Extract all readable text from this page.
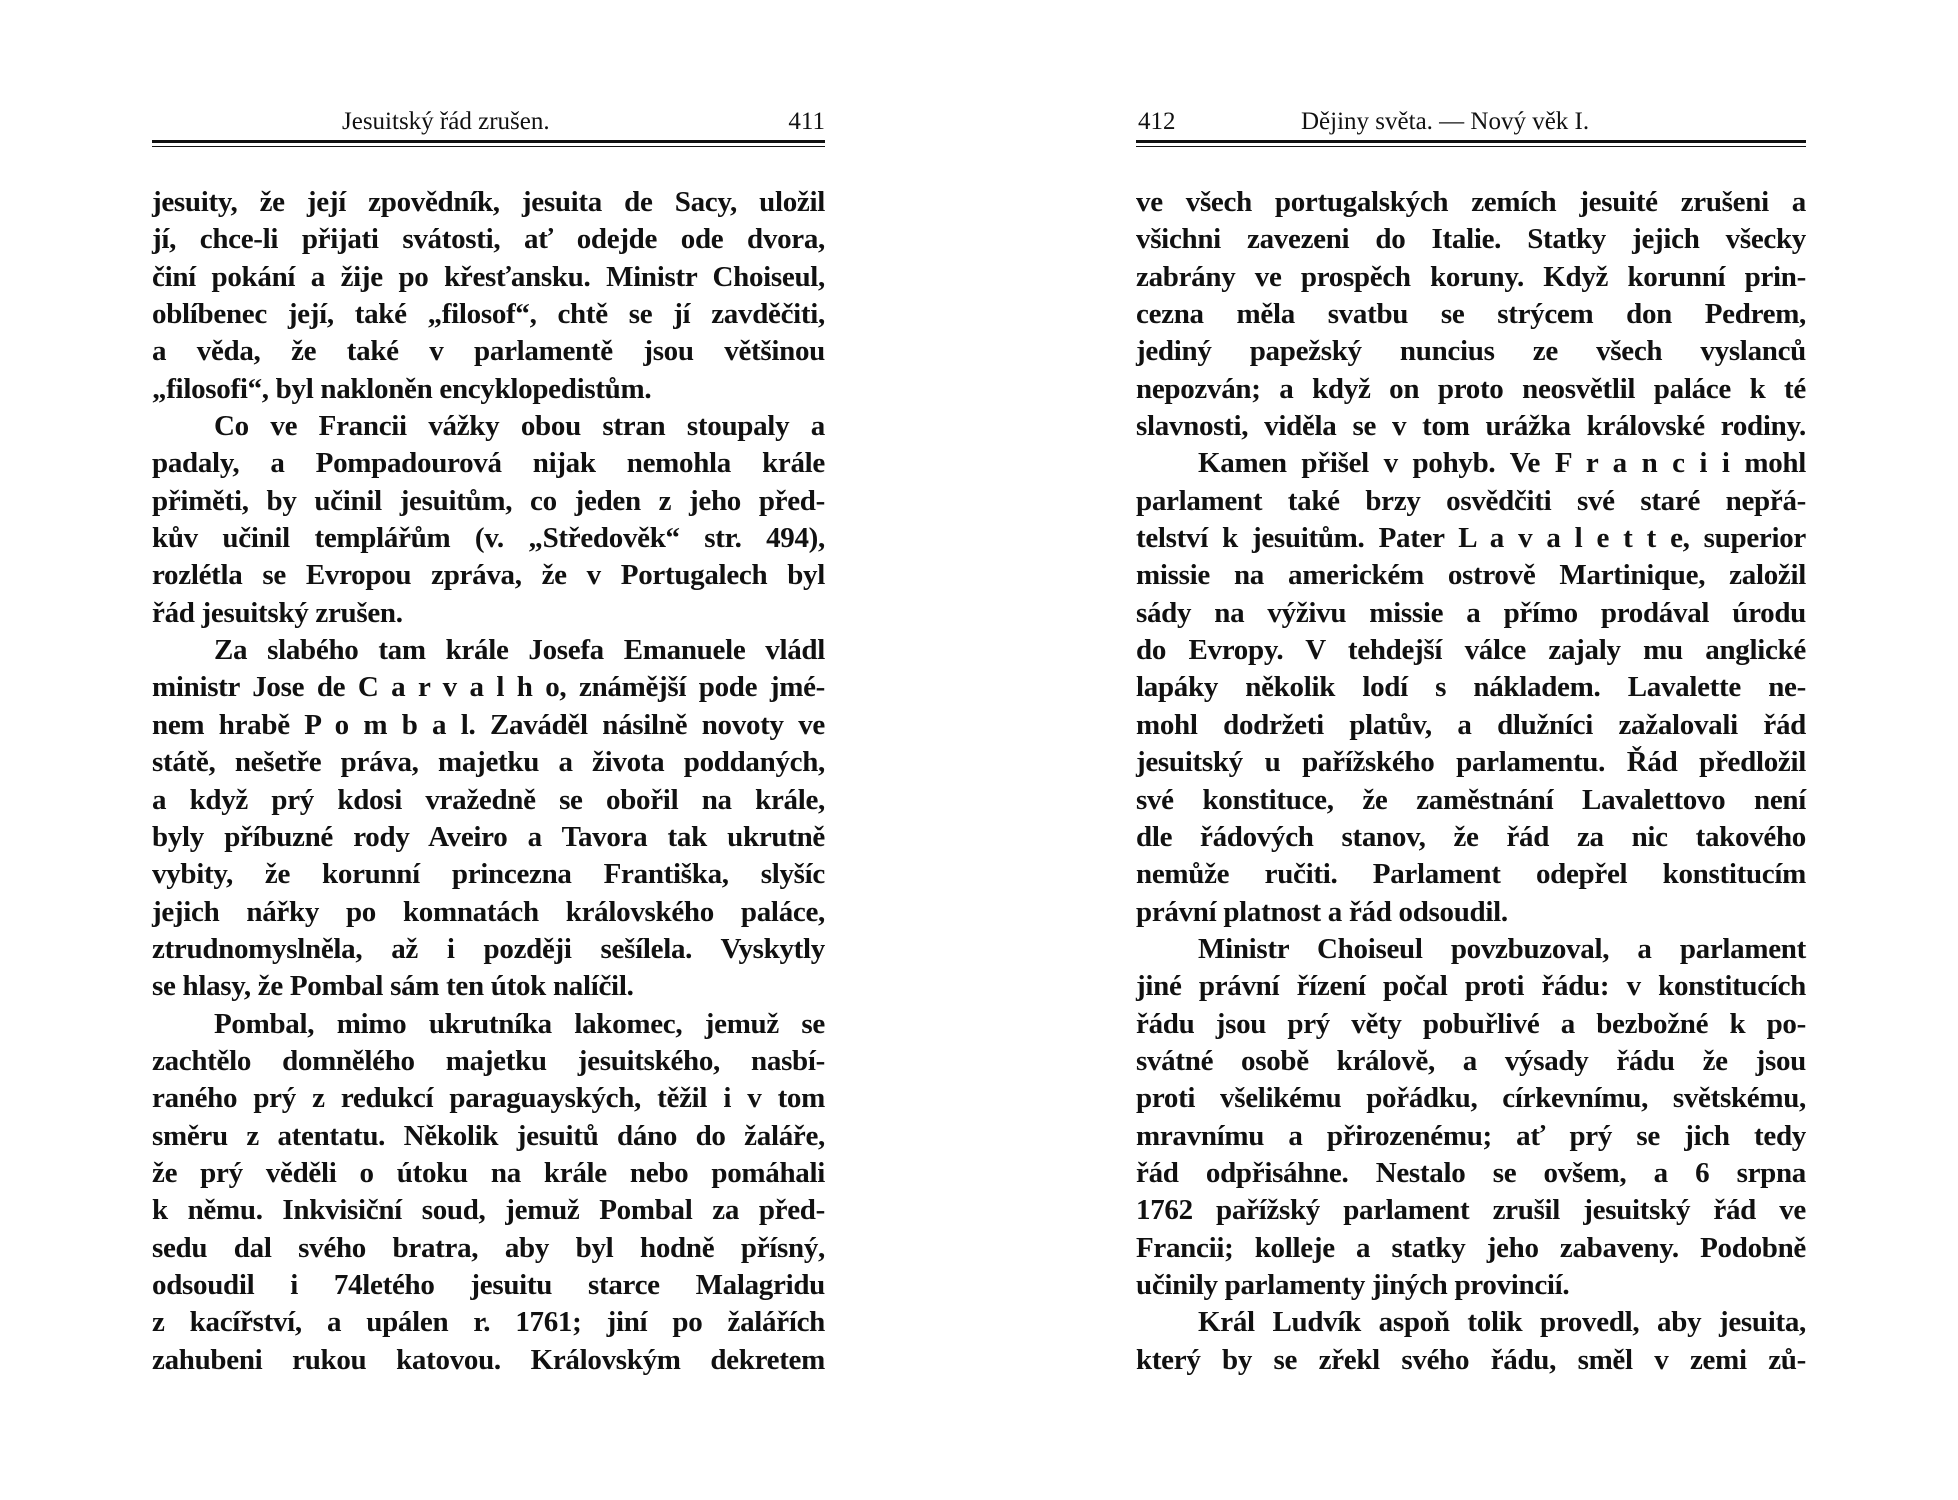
Jesuitský řád zrušen.	411
jesuity, že její zpovědník, jesuita de Sacy, uložil
jí, chce-li přijati svátosti, ať odejde ode dvora,
činí pokání a žije po křesťansku. Ministr Choiseul,
oblíbenec její, také „filosof“, chtě se jí zavděčiti,
a věda, že také v parlamentě jsou většinou
„filosofi“, byl nakloněn encyklopedistům.
Co ve Francii vážky obou stran stoupaly a
padaly, a Pompadourová nijak nemohla krále
přiměti, by učinil jesuitům, co jeden z jeho před-
kův učinil templářům (v. „Středověk“ str. 494),
rozlétla se Evropou zpráva, že v Portugalech byl
řád jesuitský zrušen.
Za slabého tam krále Josefa Emanuele vládl
ministr Jose de C a r v a l h o, známější pode jmé-
nem hrabě P o m b a l. Zaváděl násilně novoty ve
státě, nešetře práva, majetku a života poddaných,
a když prý kdosi vražedně se obořil na krále,
byly příbuzné rody Aveiro a Tavora tak ukrutně
vybity, že korunní princezna Františka, slyšíc
jejich nářky po komnatách královského paláce,
ztrudnomyslněla, až i později sešílela. Vyskytly
se hlasy, že Pombal sám ten útok nalíčil.
Pombal, mimo ukrutníka lakomec, jemuž se
zachtělo domnělého majetku jesuitského, nasbí-
raného prý z redukcí paraguayských, těžil i v tom
směru z atentatu. Několik jesuitů dáno do žaláře,
že prý věděli o útoku na krále nebo pomáhali
k němu. Inkvisiční soud, jemuž Pombal za před-
sedu dal svého bratra, aby byl hodně přísný,
odsoudil i 74letého jesuitu starce Malagridu
z kacířství, a upálen r. 1761; jiní po žalářích
zahubeni rukou katovou. Královským dekretem
412	Dějiny světa. — Nový věk I.
ve všech portugalských zemích jesuité zrušeni a
všichni zavezeni do Italie. Statky jejich všecky
zabrány ve prospěch koruny. Když korunní prin-
cezna měla svatbu se strýcem don Pedrem,
jediný papežský nuncius ze všech vyslanců
nepozván; a když on proto neosvětlil paláce k té
slavnosti, viděla se v tom urážka královské rodiny.
Kamen přišel v pohyb. Ve F r a n c i i mohl
parlament také brzy osvědčiti své staré nepřá-
telství k jesuitům. Pater L a v a l e t t e, superior
missie na americkém ostrově Martinique, založil
sády na výživu missie a přímo prodával úrodu
do Evropy. V tehdejší válce zajaly mu anglické
lapáky několik lodí s nákladem. Lavalette ne-
mohl dodržeti platův, a dlužníci zažalovali řád
jesuitský u pařížského parlamentu. Řád předložil
své konstituce, že zaměstnání Lavalettovo není
dle řádových stanov, že řád za nic takového
nemůže ručiti. Parlament odepřel konstitucím
právní platnost a řád odsoudil.
Ministr Choiseul povzbuzoval, a parlament
jiné právní řízení počal proti řádu: v konstitucích
řádu jsou prý věty pobuřlivé a bezbožné k po-
svátné osobě královĕ, a výsady řádu že jsou
proti všelikému pořádku, církevnímu, světskému,
mravnímu a přirozenému; ať prý se jich tedy
řád odpřisáhne. Nestalo se ovšem, a 6 srpna
1762 pařížský parlament zrušil jesuitský řád ve
Francii; kolleje a statky jeho zabaveny. Podobně
učinily parlamenty jiných provincií.
Král Ludvík aspoň tolik provedl, aby jesuita,
který by se zřekl svého řádu, směl v zemi zů-
